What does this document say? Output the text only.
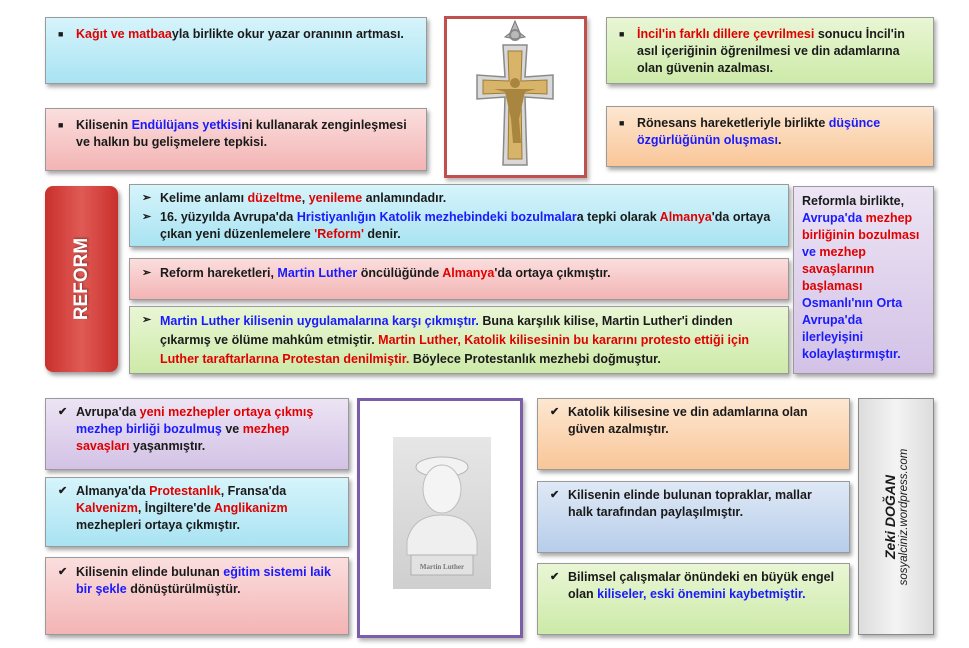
■	Kağıt ve matbaayla birlikte okur yazar oranının artması.
■	Kilisenin Endülüjans yetkisini kullanarak zenginleşmesi ve halkın bu gelişmelere tepkisi.
■	İncil'in farklı dillere çevrilmesi sonucu İncil'in asıl içeriğinin öğrenilmesi ve din adamlarına olan güvenin azalması.
■	Rönesans hareketleriyle birlikte düşünce özgürlüğünün oluşması.
REFORM
➢ Kelime anlamı düzeltme, yenileme anlamındadır.
➢ 16. yüzyılda Avrupa'da Hristiyanlığın Katolik mezhebindeki bozulmalara tepki olarak Almanya'da ortaya çıkan yeni düzenlemelere 'Reform' denir.
➢ Reform hareketleri, Martin Luther öncülüğünde Almanya'da ortaya çıkmıştır.
➢ Martin Luther kilisenin uygulamalarına karşı çıkmıştır. Buna karşılık kilise, Martin Luther'i dinden çıkarmış ve ölüme mahkûm etmiştir. Martin Luther, Katolik kilisesinin bu kararını protesto ettiği için Luther taraftarlarına Protestan denilmiştir. Böylece Protestanlık mezhebi doğmuştur.
Reformla birlikte, Avrupa'da mezhep birliğinin bozulması ve mezhep savaşlarının başlaması Osmanlı'nın Orta Avrupa'da ilerleyişini kolaylaştırmıştır.
✔ Avrupa'da yeni mezhepler ortaya çıkmış mezhep birliği bozulmuş ve mezhep savaşları yaşanmıştır.
✔ Almanya'da Protestanlık, Fransa'da Kalvenizm, İngiltere'de Anglikanizm mezhepleri ortaya çıkmıştır.
✔ Kilisenin elinde bulunan eğitim sistemi laik bir şekle dönüştürülmüştür.
Martin Luther
✔ Katolik kilisesine ve din adamlarına olan güven azalmıştır.
✔ Kilisenin elinde bulunan topraklar, mallar halk tarafından paylaşılmıştır.
✔ Bilimsel çalışmalar önündeki en büyük engel olan kiliseler, eski önemini kaybetmiştir.
Zeki DOĞAN sosyalciniz.wordpress.com
